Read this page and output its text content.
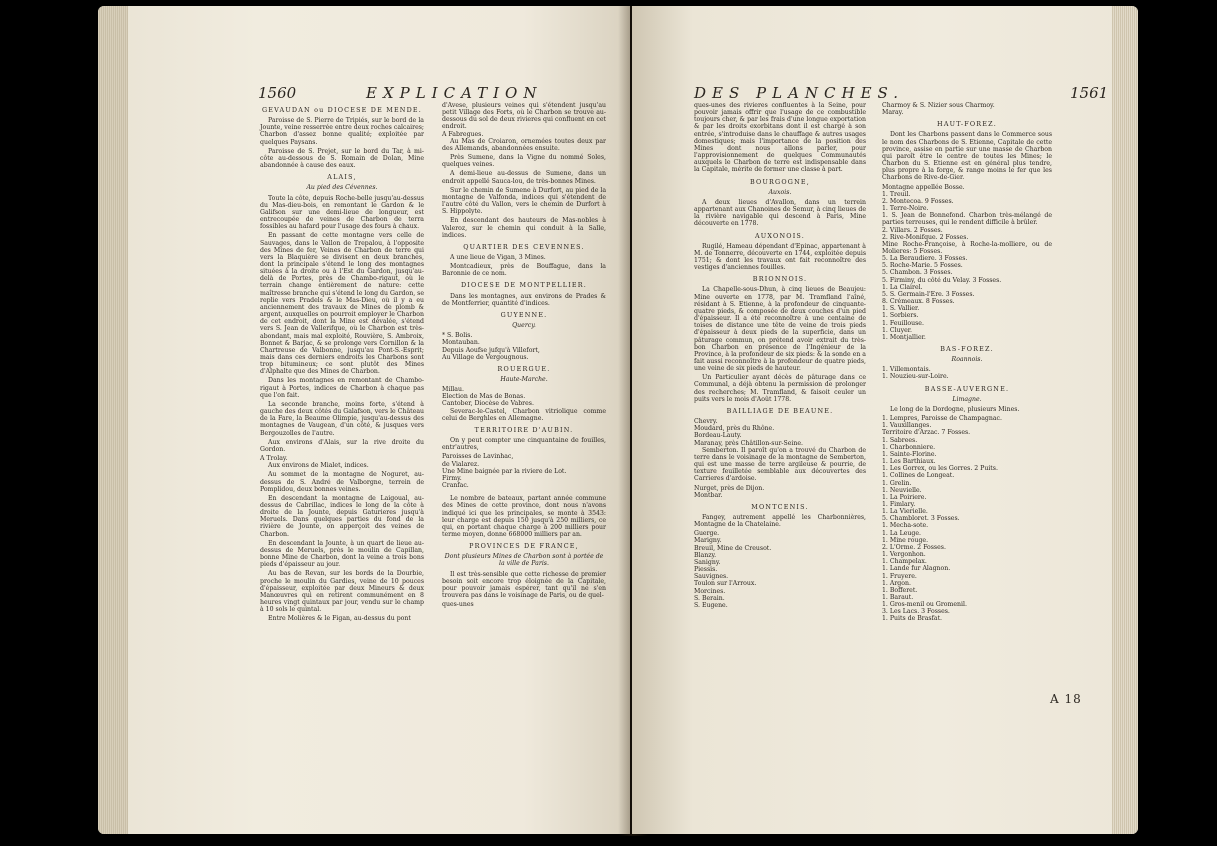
1560	EXPLICATION

GEVAUDAN ou DIOCESE DE MENDE.

Paroisse de S. Pierre de Tripiés, sur le bord de la Jounte, veine resserrée entre deux roches calcaires; Charbon d'assez bonne qualité; exploitée par quelques Paysans.

Paroisse de S. Prejet, sur le bord du Tar, à mi-côte au-dessous de S. Romain de Dolan, Mine abandonnée à cause des eaux.

ALAIS,

Au pied des Cévennes.

Toute la côte, depuis Roche-belle jusqu'au-dessus du Mas-dieu-bois, en remontant le Gardon & le Galifson sur une demi-lieue de longueur, est entrecoupée de veines de Charbon de terra fossibles au hafard pour l'usage des fours à chaux.

En passant de cette montagne vers celle de Sauvages, dans le Vallon de Trepalou, à l'opposite des Mines de fer, Veines de Charbon de terre qui vers la Blaquière se divisent en deux branches, dont la principale s'étend le long des montagnes situées à la droite ou à l'Est du Gardon, jusqu'au-delà de Portes, près de Chambo-rigaut, où le terrain change entièrement de nature: cette maîtresse branche qui s'étend le long du Gardon, se replie vers Pradels & le Mas-Dieu, où il y a eu anciennement des travaux de Mines de plomb & argent, auxquelles on pourroit employer le Charbon de cet endroit, dont la Mine est dévalée, s'étend vers S. Jean de Vallerifque, où le Charbon est très-abondant, mais mal exploité, Rouvière, S. Ambroix, Bonnet & Barjac, & se prolonge vers Cornillon & la Chartreuse de Valbonne, jusqu'au Pont-S.-Esprit; mais dans ces derniers endroits les Charbons sont trop bitumineux; ce sont plutôt des Mines d'Alphalte que des Mines de Charbon.

Dans les montagnes en remontant de Chambo-rigaut à Portes, indices de Charbon à chaque pas que l'on fait.

La seconde branche, moins forte, s'étend à gauche des deux côtés du Galafson, vers le Château de la Fare, la Beaume Olimpie, jusqu'au-dessus des montagnes de Vaugean, d'un côté, & jusques vers Bergouzolles de l'autre.

Aux environs d'Alais, sur la rive droite du Gordon.

A Trolay.

Aux environs de Mialet, indices.

Au sommet de la montagne de Noguret, au-dessus de S. André de Valborgne, terrein de Pomplidou, deux bonnes veines.

En descendant la montagne de Laigoual, au-dessus de Cabrillac, indices le long de la côte à droite de la Jounte, depuis Gaturieres jusqu'à Meruels. Dans quelques parties du fond de la rivière de Jounte, on apperçoit des veines de Charbon.

En descendant la Jounte, à un quart de lieue au-dessus de Meruels, près le moulin de Capillan, bonne Mine de Charbon, dont la veine a trois bons pieds d'épaisseur au jour.

Au bas de Revan, sur les bords de la Dourbie, proche le moulin du Gardies, veine de 10 pouces d'épaisseur, exploitée par deux Mineurs & deux Manœuvres qui en retirent communément en 8 heures vingt quintaux par jour, vendu sur le champ à 10 sols le quintal.

Entre Molières & le Figan, au-dessus du pont

d'Avese, plusieurs veines qui s'étendent jusqu'au petit Village des Forts, où le Charbon se trouve au-dessous du sol de deux rivieres qui confluent en cet endroit.

A Fabregues.

Au Mas de Croiaron, ornemées toutes deux par des Allemands, abandonnées ensuite.

Près Sumene, dans la Vigne du nommé Soles, quelques veines.

A demi-lieue au-dessus de Sumene, dans un endroit appellé Sauca-lou, de très-bonnes Mines.

Sur le chemin de Sumene à Durfort, au pied de la montagne de Valfonda, indices qui s'étendent de l'autre côté du Vallon, vers le chemin de Durfort à S. Hippolyte.

En descendant des hauteurs de Mas-nobles à Valeroz, sur le chemin qui conduit à la Salle, indices.

QUARTIER DES CEVENNES.

A une lieue de Vigan, 3 Mines.

Montcadieux, près de Bouffague, dans la Baronnie de ce nom.

DIOCESE DE MONTPELLIER.

Dans les montagnes, aux environs de Prades & de Montferrier, quantité d'indices.

GUYENNE.

Quercy.

* S. Bolis.

Montauban.

Depuis Aoufse jufqu'à Villefort,

Au Village de Vergougnous.

ROUERGUE.

Haute-Marche.

Millau.

Election de Mas de Bonas.

Cantober, Diocèse de Vabres.

Severac-le-Castel, Charbon vitriolique comme celui de Berghles en Allemagne.

TERRITOIRE D'AUBIN.

On y peut compter une cinquantaine de fouilles, entr'autres,

Paroisses de Lavinhac,

de Vialarez.

Une Mine baignée par la riviere de Lot.

Firmy.

Cranfac.

Le nombre de bateaux, partant année commune des Mines de cette province, dont nous n'avons indiqué ici que les principales, se monte à 3543: leur charge est depuis 150 jusqu'à 250 milliers, ce qui, en portant chaque charge à 200 milliers pour terme moyen, donne 668000 milliers par an.

PROVINCES DE FRANCE,

Dont plusieurs Mines de Charbon sont à portée de la ville de Paris.

Il est très-sensible que cette richesse de premier besoin soit encore trop éloignée de la Capitale, pour pouvoir jamais espérer, tant qu'il ne s'en trouvera pas dans le voisinage de Paris, ou de quel-

ques-unes

DES PLANCHES.	1561

ques-unes des rivieres confluentes à la Seine, pour pouvoir jamais offrir que l'usage de ce combustible toujours cher, & par les frais d'une longue exportation & par les droits exorbitans dont il est chargé à son entrée, s'introduise dans le chauffage & autres usages domestiques; mais l'importance de la position des Mines dont nous allons parler, pour l'approvisionnement de quelques Communautés auxquels le Charbon de terre est indispensable dans la Capitale, mérite de former une classe à part.

BOURGOGNE,

Auxois.

A deux lieues d'Avallon, dans un terrein appartenant aux Chanoines de Semur, à cinq lieues de la rivière navigable qui descend à Paris, Mine découverte en 1778.

AUXONOIS.

Rugilé, Hameau dépendant d'Epinac, appartenant à M. de Tonnerre, découverte en 1744, exploitée depuis 1751; & dont les travaux ont fait reconnoître des vestiges d'anciennes fouilles.

BRIONNOIS.

La Chapelle-sous-Dhun, à cinq lieues de Beaujeu: Mine ouverte en 1778, par M. Tramfland l'aîné, résidant à S. Etienne, à la profondeur de cinquante-quatre pieds, & composée de deux couches d'un pied d'épaisseur. Il a été reconnoître à une centaine de toises de distance une tête de veine de trois pieds d'épaisseur à deux pieds de la superficie, dans un pâturage commun, on prétend avoir extrait du très-bon Charbon en présence de l'Ingénieur de la Province, à la profondeur de six pieds: & la sonde en a fait aussi reconnoître à la profondeur de quatre pieds, une veine de six pieds de hauteur.

Un Particulier ayant décès de pâturage dans ce Communal, a déjà obtenu la permission de prolonger des recherches; M. Tramfland, & faisoit ceuler un puits vers le mois d'Août 1778.

BAILLIAGE DE BEAUNE.

Chevry.

Moudard, près du Rhône.

Bordeau-Lauty.

Maranay, près Châtillon-sur-Seine.

Semberton. Il paroît qu'on a trouvé du Charbon de terre dans le voisinage de la montagne de Semberton, qui est une masse de terre argileuse & pourrie, de texture feuilletée semblable aux découvertes des Carrieres d'ardoise.

Nurget, près de Dijon.

Montbar.

MONTCENIS.

Fangey, autrement appellé les Charbonnières, Montagne de la Chatelaine.

Guerge.

Marigny.

Breuil, Mine de Creusot.

Blanzy.

Sanigny.

Piessis.

Sauvignes.

Toulon sur l'Arroux.

Morcines.

S. Berain.

S. Eugene.

Charmoy & S. Nizier sous Charmoy.

Maray.

HAUT-FOREZ.

Dont les Charbons passent dans le Commerce sous le nom des Charbons de S. Etienne, Capitale de cette province, assise en partie sur une masse de Charbon qui paroît être le centre de toutes les Mines; le Charbon du S. Etienne est en général plus tendre, plus propre à la forge, & range moins le fer que les Charbons de Rive-de-Gier.

Montagne appellée Bosse.

1. Treuil.

2. Montecoa. 9 Fosses.

1. Terre-Noire.

1. S. Jean de Bonnefond. Charbon très-mélangé de parties terreuses, qui le rendent difficile à brûler.

2. Villars. 2 Fosses.

2. Rive-Monifque. 2 Fosses.

Mine Roche-Françoise, à Roche-la-molliere, ou de Molieres: 5 Fosses.

5. La Beraudiere. 3 Fosses.

5. Roche-Marie. 5 Fosses.

5. Chambon. 3 Fosses.

5. Firminy, du côté du Velay. 3 Fosses.

1. La Clairel.

5. S. Germain-l'Ere. 3 Fosses.

8. Crémeaux. 8 Fosses.

1. S. Vallier.

1. Sorbiers.

1. Feuillouse.

1. Cluyer.

1. Montjallier.

BAS-FOREZ.

Roannois.

1. Villemontais.

1. Nouzieu-sur-Loire.

BASSE-AUVERGNE.

Limagne.

Le long de la Dordogne, plusieurs Mines.

1. Lempres, Paroisse de Champagnac.

1. Vauxillanges.

Territoire d'Arzac. 7 Fosses.

1. Sabrees.

1. Charbonniere.

1. Sainte-Florine.

1. Les Barthiaux.

1. Les Gorrex, ou les Gorres. 2 Puits.

1. Collines de Longeat.

1. Grelin.

1. Neuvielle.

1. La Poiriere.

1. Fimlary.

1. La Vierielle.

5. Chambloret. 3 Fosses.

1. Mecha-sote.

1. La Leuge.

1. Mine rouge.

2. L'Orme. 2 Fosses.

1. Vergonhon.

1. Champelax.

1. Lande fur Alagnon.

1. Fruyere.

1. Argon.

1. Bofferet.

1. Baraut.

1. Gros-menil ou Gromenil.

3. Les Lacs. 3 Fosses.

1. Puits de Brasfat.

A 18
